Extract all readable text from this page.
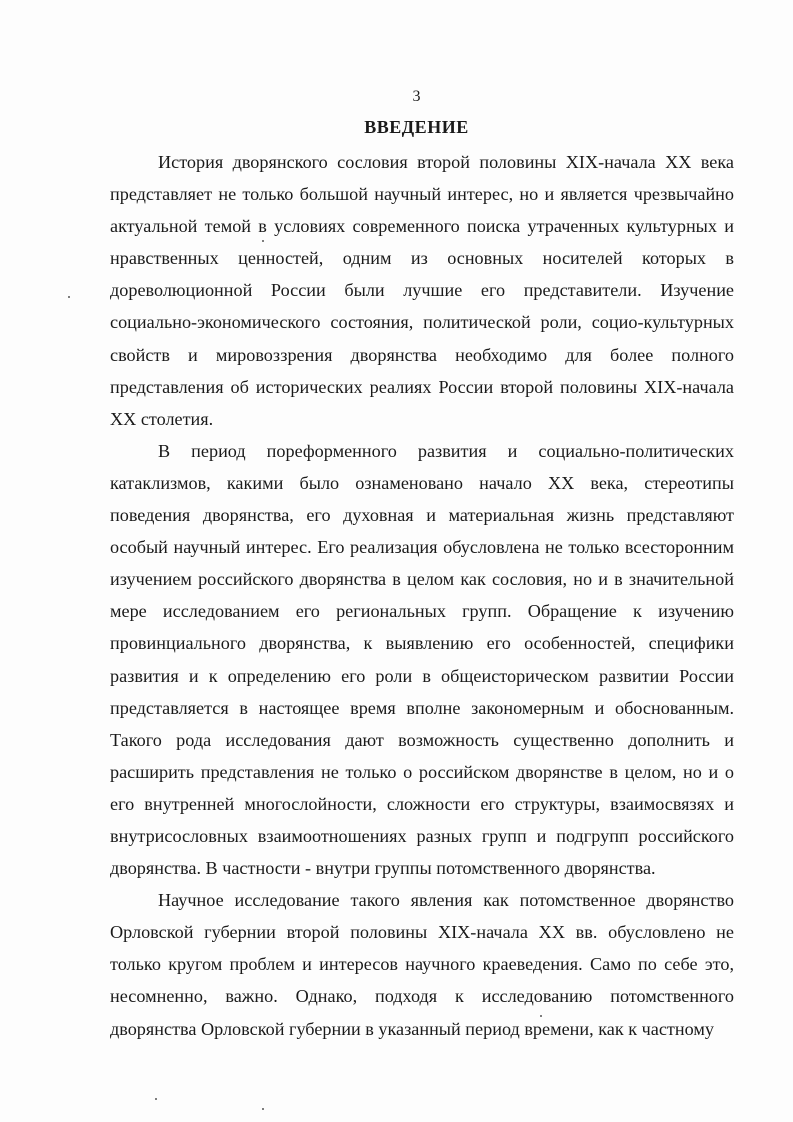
3
ВВЕДЕНИЕ

История дворянского сословия второй половины XIX-начала XX века представляет не только большой научный интерес, но и является чрезвычайно актуальной темой в условиях современного поиска утраченных культурных и нравственных ценностей, одним из основных носителей которых в дореволюционной России были лучшие его представители. Изучение социально-экономического состояния, политической роли, социо-культурных свойств и мировоззрения дворянства необходимо для более полного представления об исторических реалиях России второй половины XIX-начала XX столетия.

В период пореформенного развития и социально-политических катаклизмов, какими было ознаменовано начало XX века, стереотипы поведения дворянства, его духовная и материальная жизнь представляют особый научный интерес. Его реализация обусловлена не только всесторонним изучением российского дворянства в целом как сословия, но и в значительной мере исследованием его региональных групп. Обращение к изучению провинциального дворянства, к выявлению его особенностей, специфики развития и к определению его роли в общеисторическом развитии России представляется в настоящее время вполне закономерным и обоснованным. Такого рода исследования дают возможность существенно дополнить и расширить представления не только о российском дворянстве в целом, но и о его внутренней многослойности, сложности его структуры, взаимосвязях и внутрисословных взаимоотношениях разных групп и подгрупп российского дворянства. В частности - внутри группы потомственного дворянства.

Научное исследование такого явления как потомственное дворянство Орловской губернии второй половины XIX-начала XX вв. обусловлено не только кругом проблем и интересов научного краеведения. Само по себе это, несомненно, важно. Однако, подходя к исследованию потомственного дворянства Орловской губернии в указанный период времени, как к частному
